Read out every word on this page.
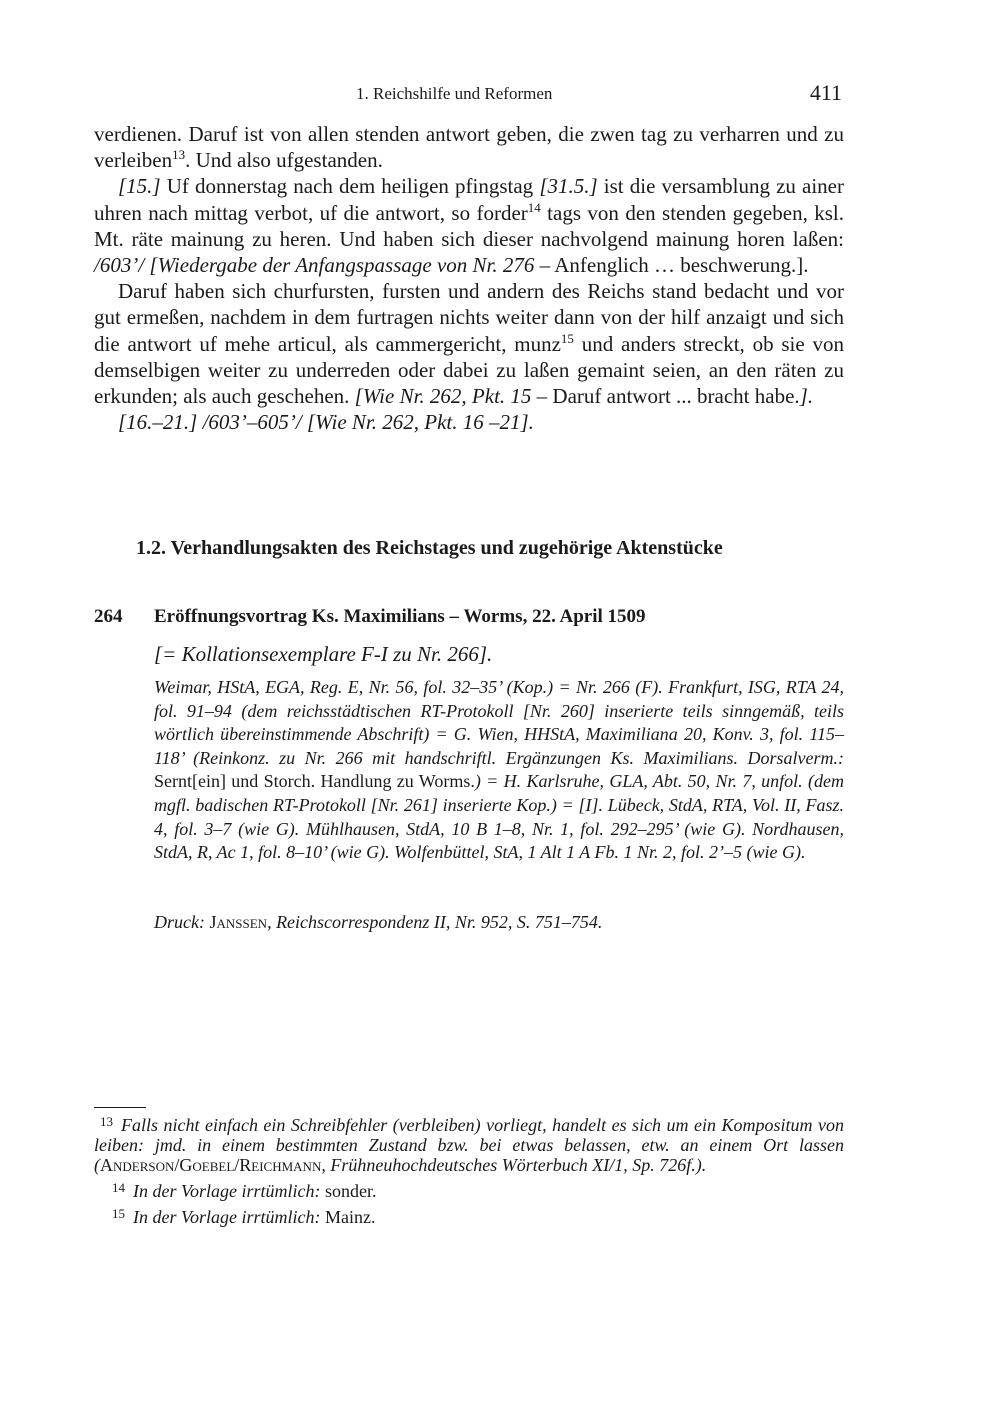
1. Reichshilfe und Reformen	411

verdienen. Daruf ist von allen stenden antwort geben, die zwen tag zu verharren und zu verleiben$^{13}$. Und also ufgestanden.

[15.] Uf donnerstag nach dem heiligen pfingstag [31.5.] ist die versamblung zu ainer uhren nach mittag verbot, uf die antwort, so forder$^{14}$ tags von den stenden gegeben, ksl. Mt. räte mainung zu heren. Und haben sich dieser nachvolgend mainung horen laßen: /603’/ [Wiedergabe der Anfangspassage von Nr. 276 – Anfenglich … beschwerung.].

Daruf haben sich churfursten, fursten und andern des Reichs stand bedacht und vor gut ermeßen, nachdem in dem furtragen nichts weiter dann von der hilf anzaigt und sich die antwort uf mehe articul, als cammergericht, munz$^{15}$ und anders streckt, ob sie von demselbigen weiter zu underreden oder dabei zu laßen gemaint seien, an den räten zu erkunden; als auch geschehen. [Wie Nr. 262, Pkt. 15 – Daruf antwort ... bracht habe.].

[16.–21.] /603’–605’/ [Wie Nr. 262, Pkt. 16 –21].

1.2. Verhandlungsakten des Reichstages und zugehörige Aktenstücke
264 Eröffnungsvortrag Ks. Maximilians – Worms, 22. April 1509
[= Kollationsexemplare F-I zu Nr. 266].

Weimar, HStA, EGA, Reg. E, Nr. 56, fol. 32–35’ (Kop.) = Nr. 266 (F). Frankfurt, ISG, RTA 24, fol. 91–94 (dem reichsstädtischen RT-Protokoll [Nr. 260] inserierte teils sinngemäß, teils wörtlich übereinstimmende Abschrift) = G. Wien, HHStA, Maximiliana 20, Konv. 3, fol. 115–118’ (Reinkonz. zu Nr. 266 mit handschriftl. Ergänzungen Ks. Maximilians. Dorsalverm.: Sernt[ein] und Storch. Handlung zu Worms.) = H. Karlsruhe, GLA, Abt. 50, Nr. 7, unfol. (dem mgfl. badischen RT-Protokoll [Nr. 261] inserierte Kop.) = [I]. Lübeck, StdA, RTA, Vol. II, Fasz. 4, fol. 3–7 (wie G). Mühlhausen, StdA, 10 B 1–8, Nr. 1, fol. 292–295’ (wie G). Nordhausen, StdA, R, Ac 1, fol. 8–10’ (wie G). Wolfenbüttel, StA, 1 Alt 1 A Fb. 1 Nr. 2, fol. 2’–5 (wie G).

Druck: Janssen, Reichscorrespondenz II, Nr. 952, S. 751–754.

$^{13}$ Falls nicht einfach ein Schreibfehler (verbleiben) vorliegt, handelt es sich um ein Kompositum von leiben: jmd. in einem bestimmten Zustand bzw. bei etwas belassen, etw. an einem Ort lassen (Anderson/Goebel/Reichmann, Frühneuhochdeutsches Wörterbuch XI/1, Sp. 726f.).

$^{14}$ In der Vorlage irrtümlich: sonder.

$^{15}$ In der Vorlage irrtümlich: Mainz.
